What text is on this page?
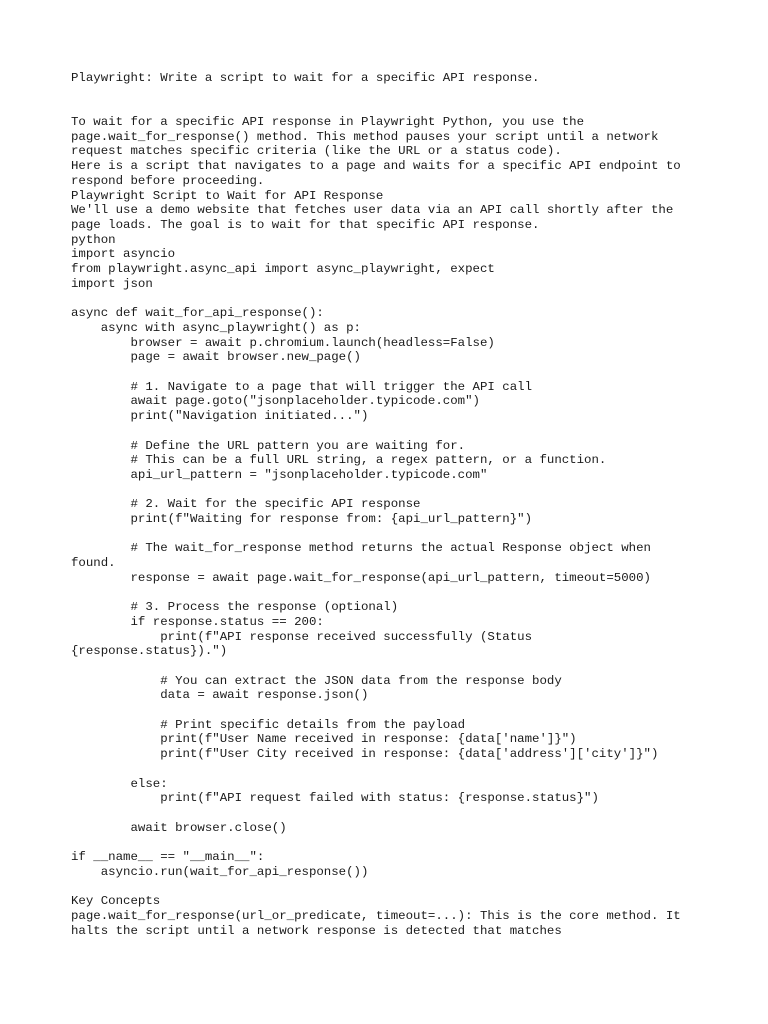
Playwright: Write a script to wait for a specific API response.
To wait for a specific API response in Playwright Python, you use the
page.wait_for_response() method. This method pauses your script until a network
request matches specific criteria (like the URL or a status code).
Here is a script that navigates to a page and waits for a specific API endpoint to
respond before proceeding.
Playwright Script to Wait for API Response
We'll use a demo website that fetches user data via an API call shortly after the
page loads. The goal is to wait for that specific API response.
python
import asyncio
from playwright.async_api import async_playwright, expect
import json
async def wait_for_api_response():
async with async_playwright() as p:
browser = await p.chromium.launch(headless=False)
page = await browser.new_page()
# 1. Navigate to a page that will trigger the API call
await page.goto("jsonplaceholder.typicode.com")
print("Navigation initiated...")
# Define the URL pattern you are waiting for.
# This can be a full URL string, a regex pattern, or a function.
api_url_pattern = "jsonplaceholder.typicode.com"
# 2. Wait for the specific API response
print(f"Waiting for response from: {api_url_pattern}")
# The wait_for_response method returns the actual Response object when
found.
response = await page.wait_for_response(api_url_pattern, timeout=5000)
# 3. Process the response (optional)
if response.status == 200:
print(f"API response received successfully (Status
{response.status}).")
# You can extract the JSON data from the response body
data = await response.json()
# Print specific details from the payload
print(f"User Name received in response: {data['name']}")
print(f"User City received in response: {data['address']['city']}")
else:
print(f"API request failed with status: {response.status}")
await browser.close()
if __name__ == "__main__":
asyncio.run(wait_for_api_response())
Key Concepts
page.wait_for_response(url_or_predicate, timeout=...): This is the core method. It
halts the script until a network response is detected that matches
